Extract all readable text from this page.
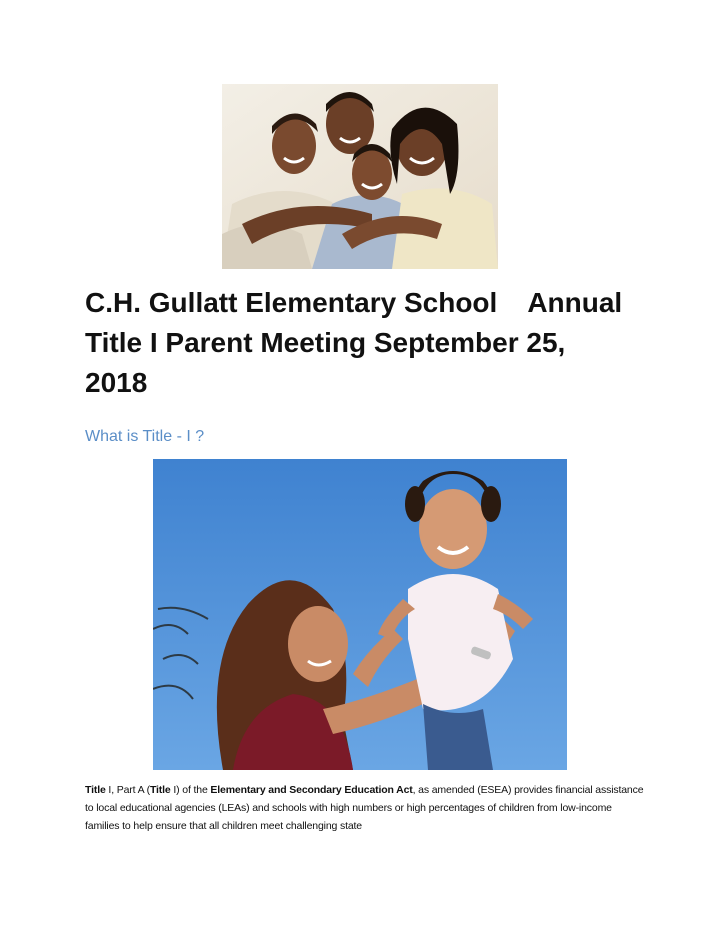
C.H. Gullatt Elementary School Annual
Title I Parent Meeting September 25,
2018
What is Title - I ?

Title I, Part A (Title I) of the Elementary and Secondary Education Act, as amended (ESEA) provides financial assistance to local educational agencies (LEAs) and schools with high numbers or high percentages of children from low-income families to help ensure that all children meet challenging state
